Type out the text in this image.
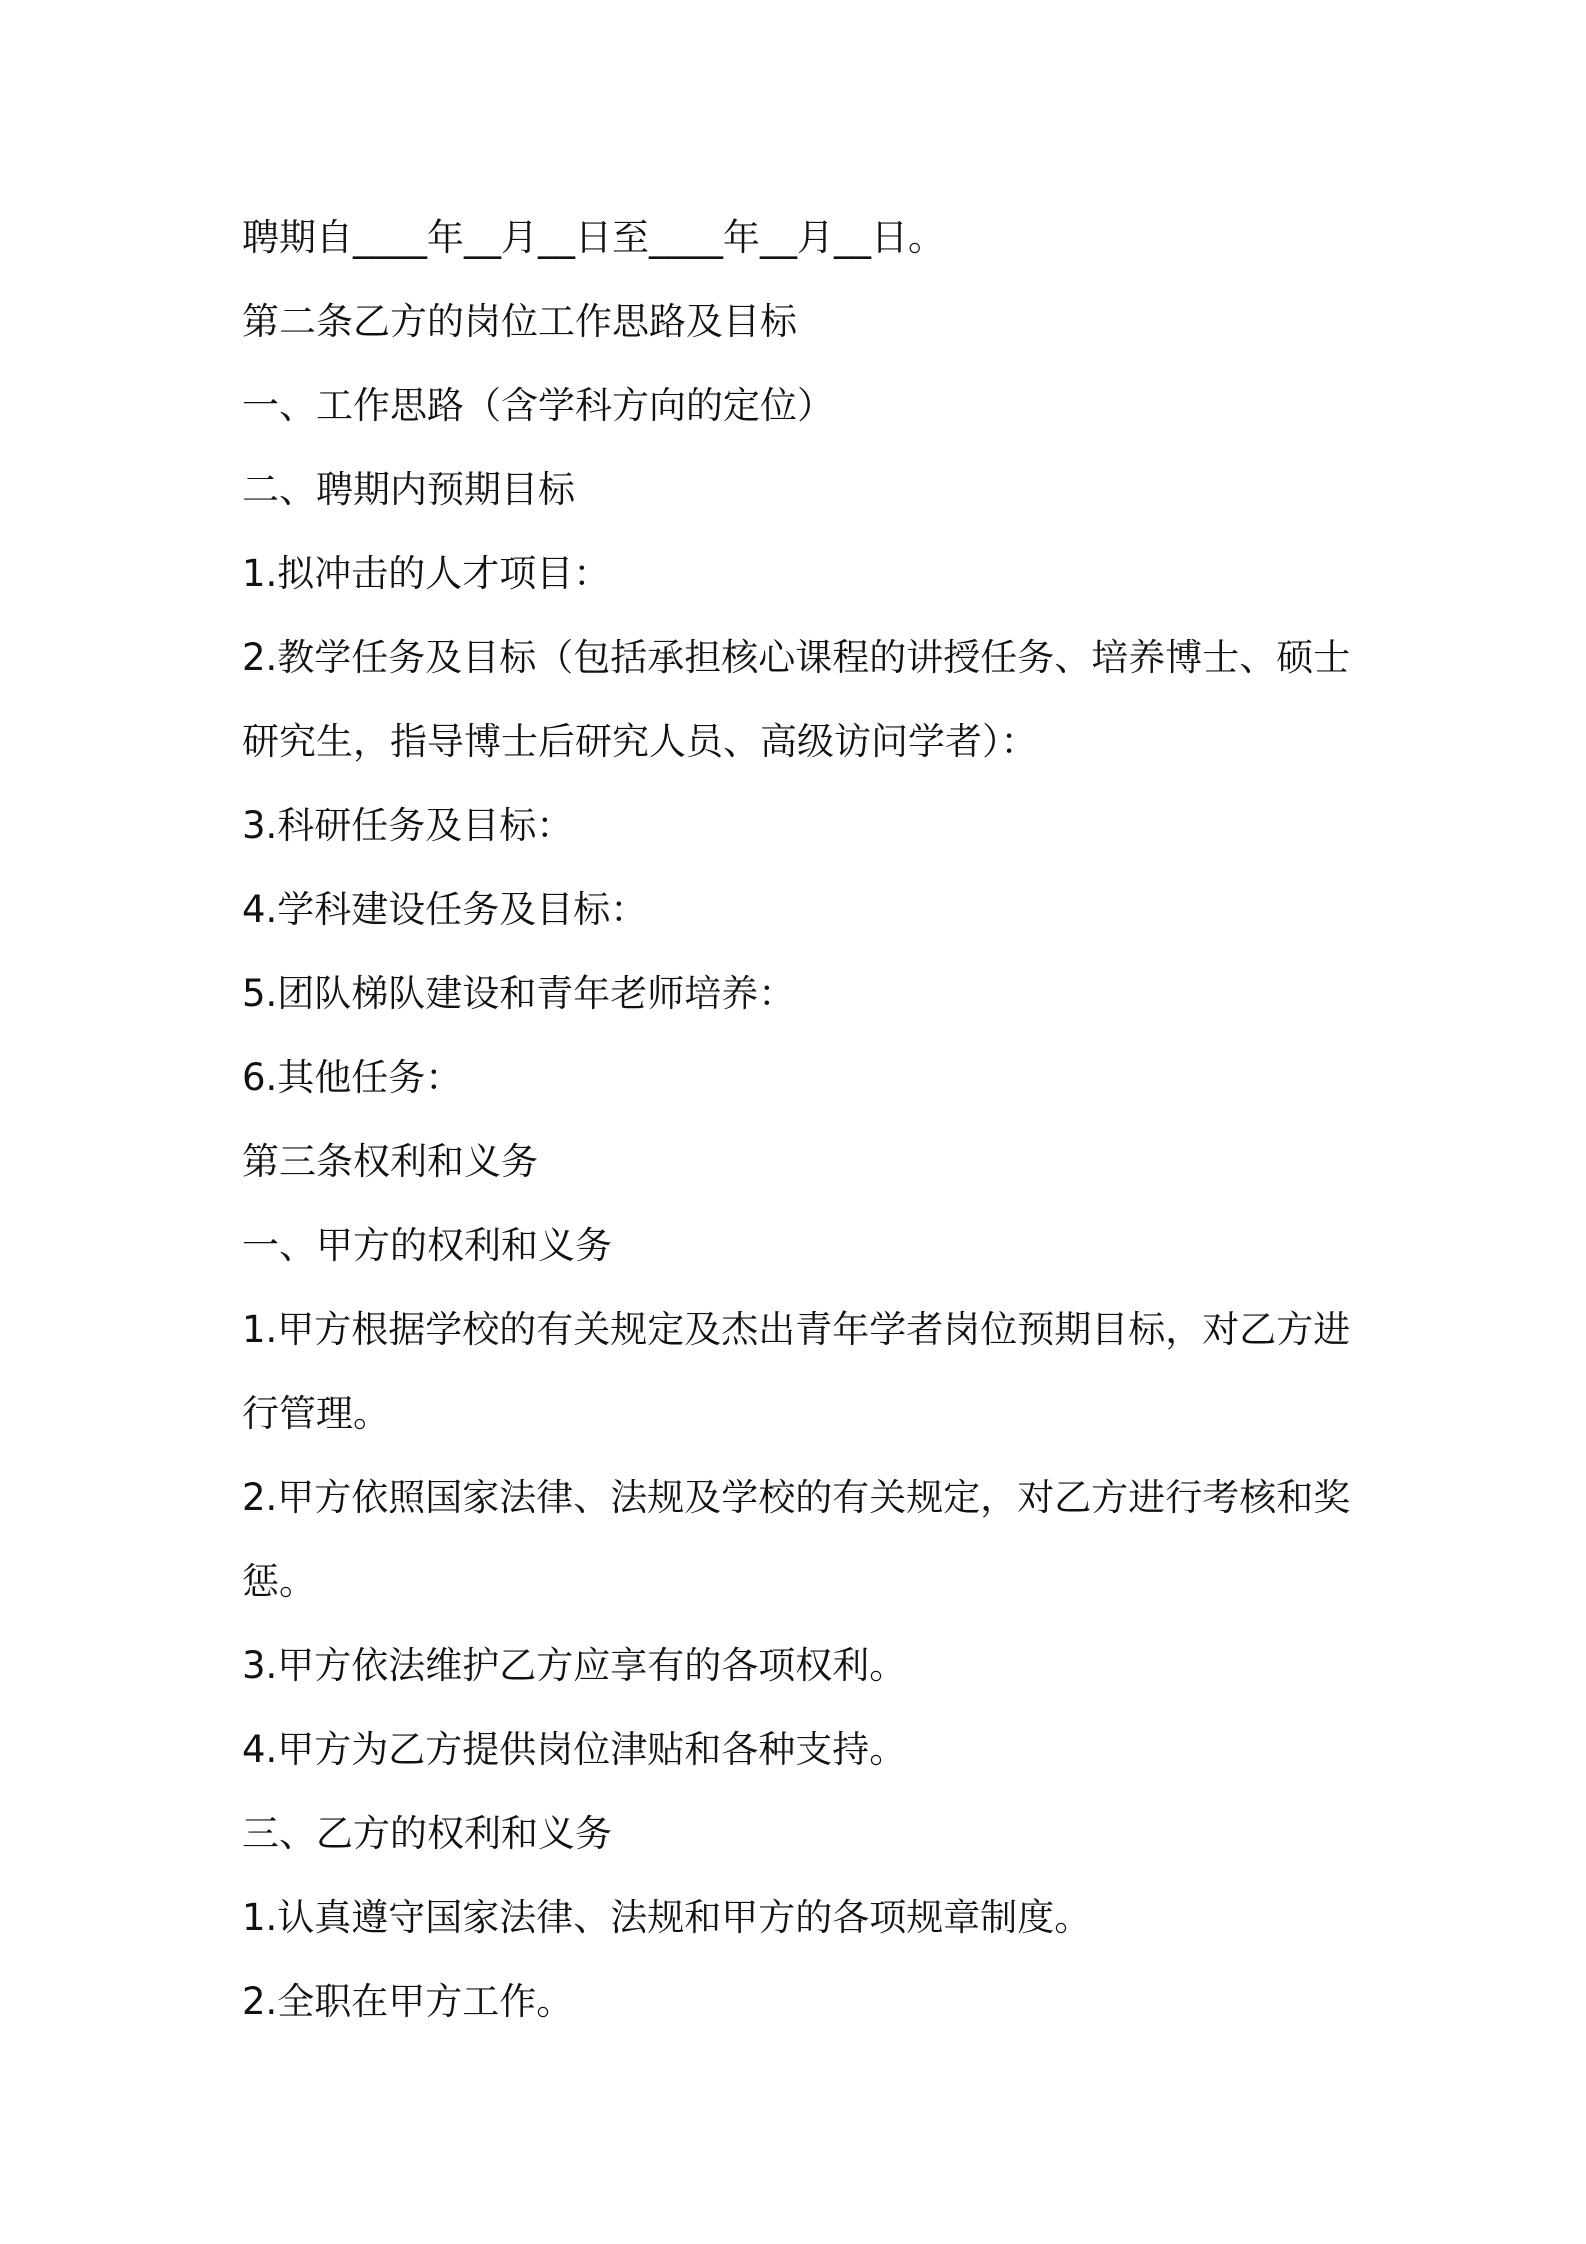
聘期自____年__月__日至____年__月__日。
第二条乙方的岗位工作思路及目标
一、工作思路（含学科方向的定位）
二、聘期内预期目标
1.拟冲击的人才项目：
2.教学任务及目标（包括承担核心课程的讲授任务、培养博士、硕士
研究生，指导博士后研究人员、高级访问学者）：
3.科研任务及目标：
4.学科建设任务及目标：
5.团队梯队建设和青年老师培养：
6.其他任务：
第三条权利和义务
一、甲方的权利和义务
1.甲方根据学校的有关规定及杰出青年学者岗位预期目标，对乙方进
行管理。
2.甲方依照国家法律、法规及学校的有关规定，对乙方进行考核和奖
惩。
3.甲方依法维护乙方应享有的各项权利。
4.甲方为乙方提供岗位津贴和各种支持。
三、乙方的权利和义务
1.认真遵守国家法律、法规和甲方的各项规章制度。
2.全职在甲方工作。
